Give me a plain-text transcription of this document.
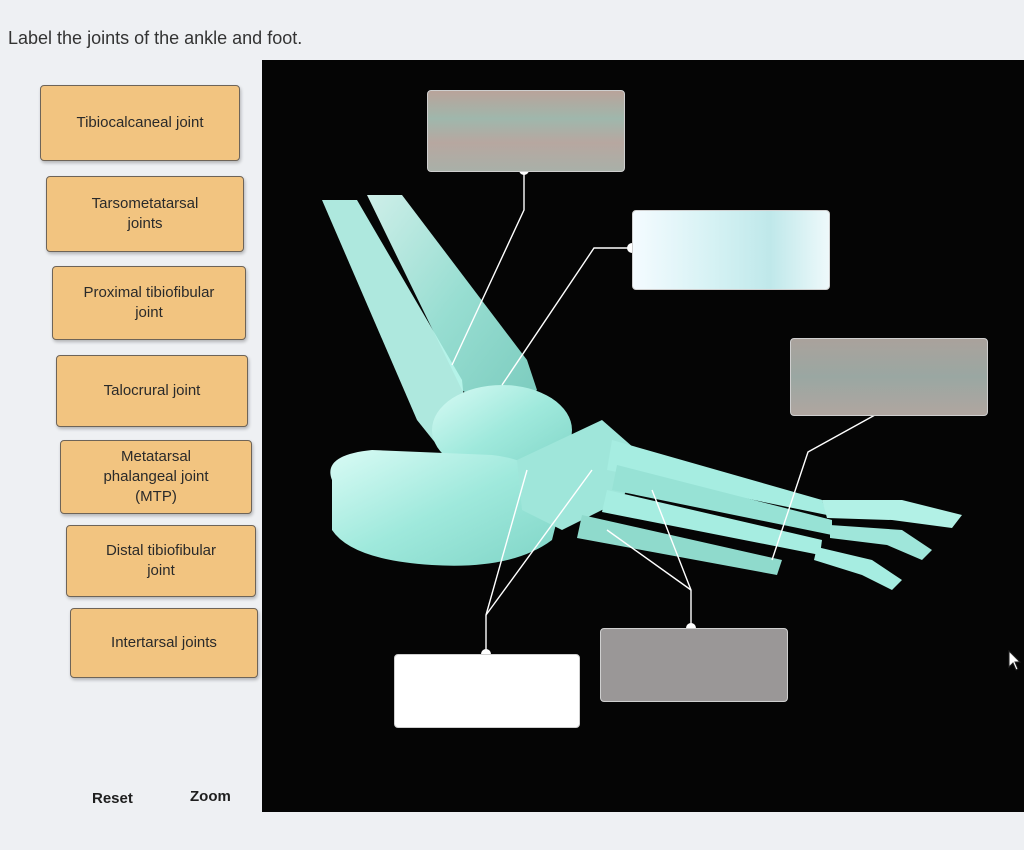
Label the joints of the ankle and foot.
Tibiocalcaneal joint
Tarsometatarsal
joints
Proximal tibiofibular
joint
Talocrural joint
Metatarsal
phalangeal joint
(MTP)
Distal tibiofibular
joint
Intertarsal joints
Reset	Zoom
